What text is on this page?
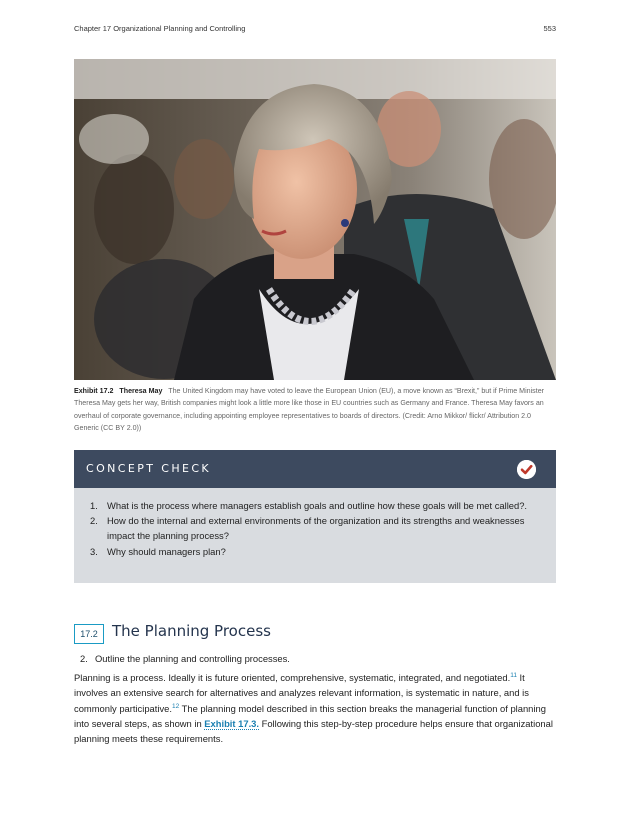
Chapter 17 Organizational Planning and Controlling	553
Exhibit 17.2 Theresa May The United Kingdom may have voted to leave the European Union (EU), a move known as “Brexit,” but if Prime Minister Theresa May gets her way, British companies might look a little more like those in EU countries such as Germany and France. Theresa May favors an overhaul of corporate governance, including appointing employee representatives to boards of directors. (Credit: Arno Mikkor/ flickr/ Attribution 2.0 Generic (CC BY 2.0))
CONCEPT CHECK
1. What is the process where managers establish goals and outline how these goals will be met called?.
2. How do the internal and external environments of the organization and its strengths and weaknesses impact the planning process?
3. Why should managers plan?
17.2 The Planning Process
2. Outline the planning and controlling processes.
Planning is a process. Ideally it is future oriented, comprehensive, systematic, integrated, and negotiated.$^{11}$ It involves an extensive search for alternatives and analyzes relevant information, is systematic in nature, and is commonly participative.$^{12}$ The planning model described in this section breaks the managerial function of planning into several steps, as shown in Exhibit 17.3. Following this step-by-step procedure helps ensure that organizational planning meets these requirements.
